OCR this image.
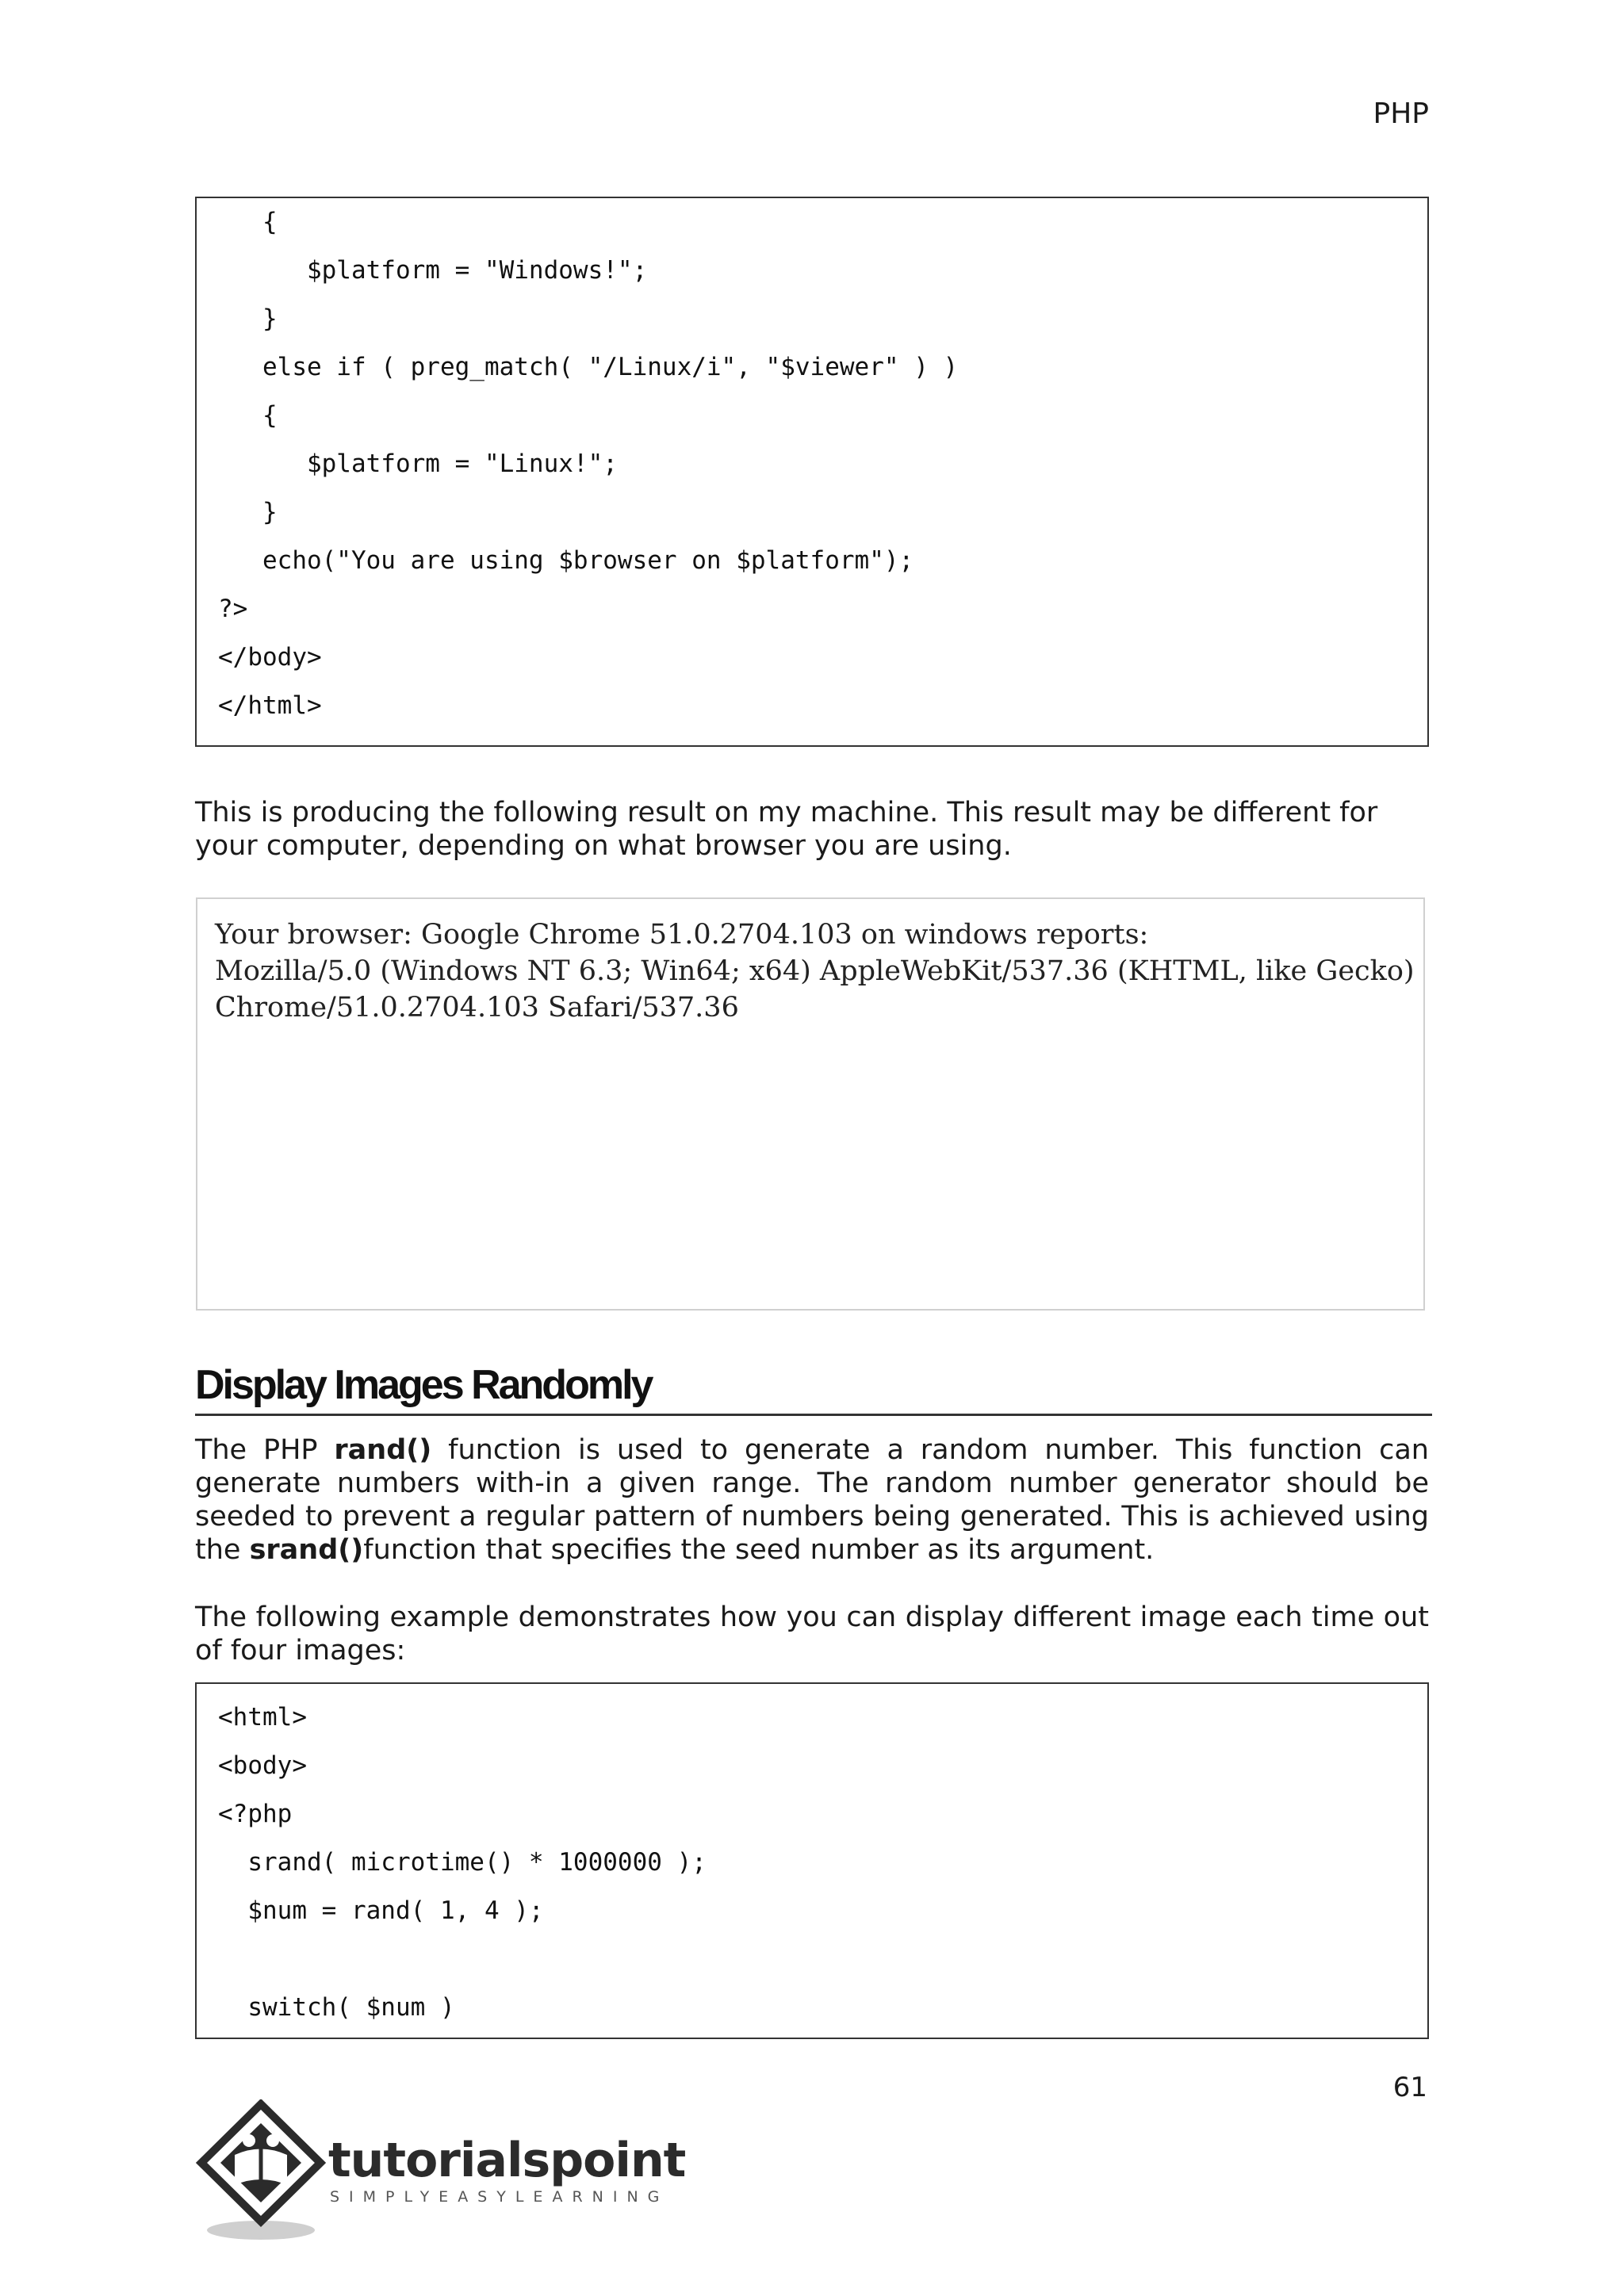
PHP
{
$platform = "Windows!";
}
else if ( preg_match( "/Linux/i", "$viewer" ) )
{
$platform = "Linux!";
}
echo("You are using $browser on $platform");
?>
</body>
</html>

This is producing the following result on my machine. This result may be different for your computer, depending on what browser you are using.

Your browser: Google Chrome 51.0.2704.103 on windows reports:
Mozilla/5.0 (Windows NT 6.3; Win64; x64) AppleWebKit/537.36 (KHTML, like Gecko)
Chrome/51.0.2704.103 Safari/537.36
Display Images Randomly

The PHP rand() function is used to generate a random number. This function can generate numbers with-in a given range. The random number generator should be seeded to prevent a regular pattern of numbers being generated. This is achieved using the srand()function that specifies the seed number as its argument.

The following example demonstrates how you can display different image each time out of four images:

<html>
<body>
<?php
srand( microtime() * 1000000 );
$num = rand( 1, 4 );
switch( $num )
61
tutorialspoint
SIMPLYEASYLEARNING
